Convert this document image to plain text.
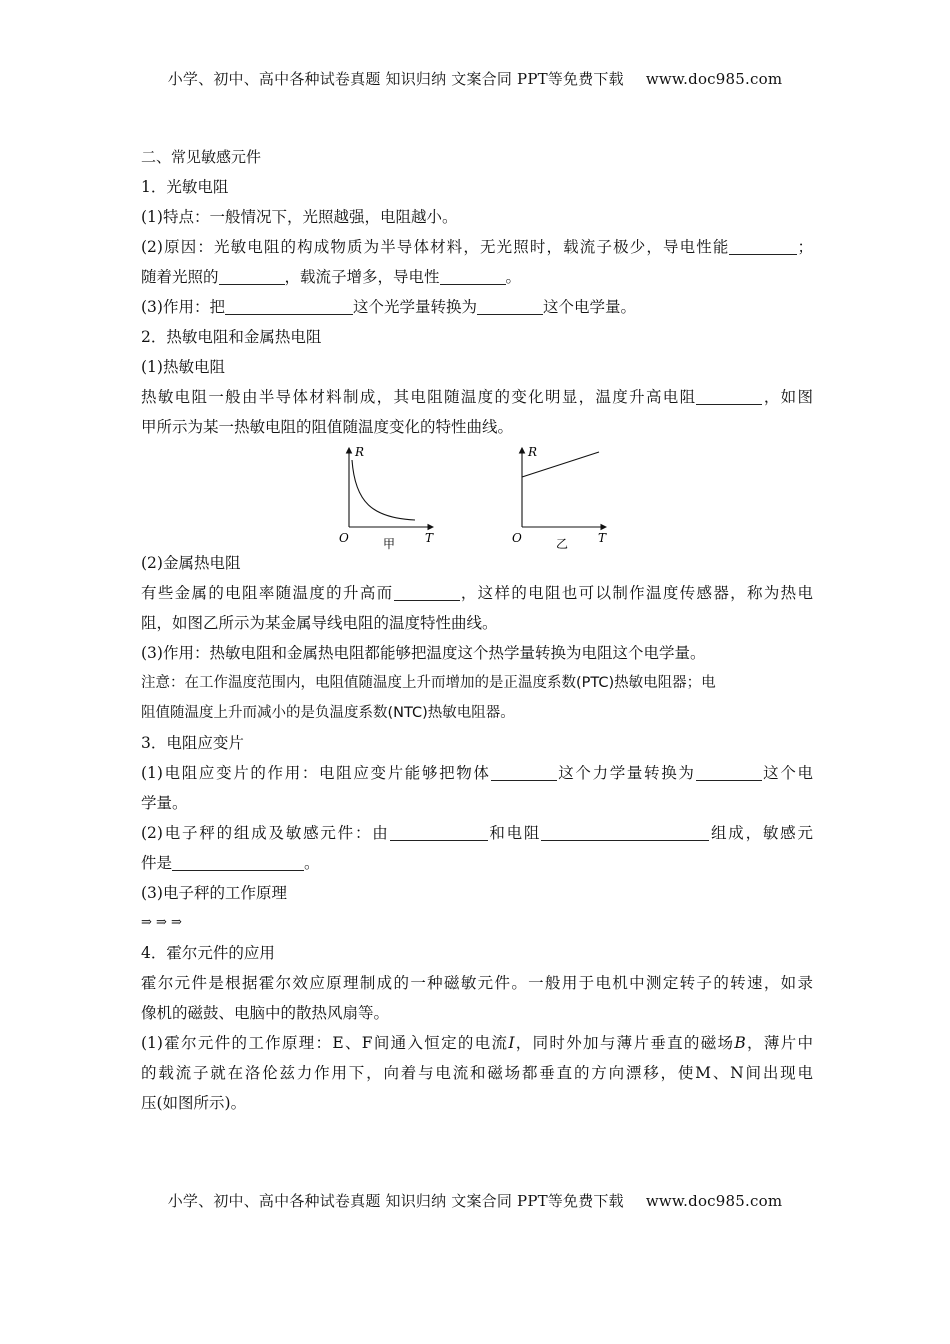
小学、初中、高中各种试卷真题 知识归纳 文案合同 PPT等免费下载 www.doc985.com
二、常见敏感元件
1．光敏电阻
(1)特点：一般情况下，光照越强，电阻越小。
(2)原因：光敏电阻的构成物质为半导体材料，无光照时，载流子极少，导电性能	；
随着光照的	，载流子增多，导电性	。
(3)作用：把	这个光学量转换为	这个电学量。
2．热敏电阻和金属热电阻
(1)热敏电阻
热敏电阻一般由半导体材料制成，其电阻随温度的变化明显，温度升高电阻	，如图
甲所示为某一热敏电阻的阻值随温度变化的特性曲线。
R
O	T
甲
R
O	T
乙
(2)金属热电阻
有些金属的电阻率随温度的升高而	，这样的电阻也可以制作温度传感器，称为热电
阻，如图乙所示为某金属导线电阻的温度特性曲线。
(3)作用：热敏电阻和金属热电阻都能够把温度这个热学量转换为电阻这个电学量。
注意：在工作温度范围内，电阻值随温度上升而增加的是正温度系数(PTC)热敏电阻器；电
阻值随温度上升而减小的是负温度系数(NTC)热敏电阻器。
3．电阻应变片
(1)电阻应变片的作用：电阻应变片能够把物体	这个力学量转换为	这个电
学量。
(2)电子秤的组成及敏感元件：由	和电阻	组成，敏感元
件是	。
(3)电子秤的工作原理
⇒ ⇒ ⇒
4．霍尔元件的应用
霍尔元件是根据霍尔效应原理制成的一种磁敏元件。一般用于电机中测定转子的转速，如录
像机的磁鼓、电脑中的散热风扇等。
(1)霍尔元件的工作原理：E、F间通入恒定的电流I，同时外加与薄片垂直的磁场B，薄片中
的载流子就在洛伦兹力作用下，向着与电流和磁场都垂直的方向漂移，使M、N间出现电
压(如图所示)。
小学、初中、高中各种试卷真题 知识归纳 文案合同 PPT等免费下载 www.doc985.com
